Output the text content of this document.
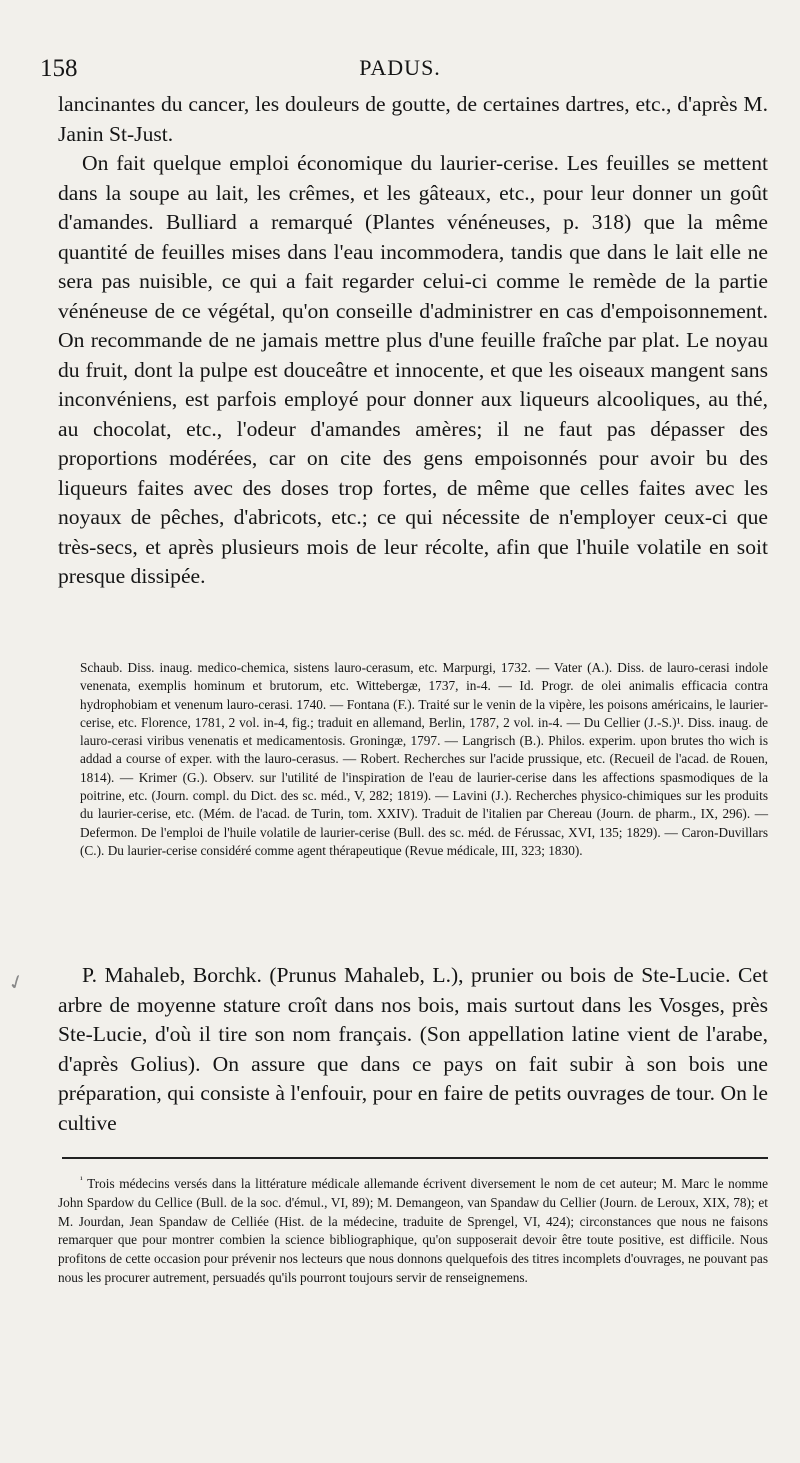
158	PADUS.

lancinantes du cancer, les douleurs de goutte, de certaines dartres, etc., d'après M. Janin St-Just.

On fait quelque emploi économique du laurier-cerise. Les feuilles se mettent dans la soupe au lait, les crêmes, et les gâteaux, etc., pour leur donner un goût d'amandes. Bulliard a remarqué (Plantes vénéneuses, p. 318) que la même quantité de feuilles mises dans l'eau incommodera, tandis que dans le lait elle ne sera pas nuisible, ce qui a fait regarder celui-ci comme le remède de la partie vénéneuse de ce végétal, qu'on conseille d'administrer en cas d'empoisonnement. On recommande de ne jamais mettre plus d'une feuille fraîche par plat. Le noyau du fruit, dont la pulpe est douceâtre et innocente, et que les oiseaux mangent sans inconvéniens, est parfois employé pour donner aux liqueurs alcooliques, au thé, au chocolat, etc., l'odeur d'amandes amères; il ne faut pas dépasser des proportions modérées, car on cite des gens empoisonnés pour avoir bu des liqueurs faites avec des doses trop fortes, de même que celles faites avec les noyaux de pêches, d'abricots, etc.; ce qui nécessite de n'employer ceux-ci que très-secs, et après plusieurs mois de leur récolte, afin que l'huile volatile en soit presque dissipée.

Schaub. Diss. inaug. medico-chemica, sistens lauro-cerasum, etc. Marpurgi, 1732. — Vater (A.). Diss. de lauro-cerasi indole venenata, exemplis hominum et brutorum, etc. Wittebergæ, 1737, in-4. — Id. Progr. de olei animalis efficacia contra hydrophobiam et venenum lauro-cerasi. 1740. — Fontana (F.). Traité sur le venin de la vipère, les poisons américains, le laurier-cerise, etc. Florence, 1781, 2 vol. in-4, fig.; traduit en allemand, Berlin, 1787, 2 vol. in-4. — Du Cellier (J.-S.)¹. Diss. inaug. de lauro-cerasi viribus venenatis et medicamentosis. Groningæ, 1797. — Langrisch (B.). Philos. experim. upon brutes tho wich is addad a course of exper. with the lauro-cerasus. — Robert. Recherches sur l'acide prussique, etc. (Recueil de l'acad. de Rouen, 1814). — Krimer (G.). Observ. sur l'utilité de l'inspiration de l'eau de laurier-cerise dans les affections spasmodiques de la poitrine, etc. (Journ. compl. du Dict. des sc. méd., V, 282; 1819). — Lavini (J.). Recherches physico-chimiques sur les produits du laurier-cerise, etc. (Mém. de l'acad. de Turin, tom. XXIV). Traduit de l'italien par Chereau (Journ. de pharm., IX, 296). — Defermon. De l'emploi de l'huile volatile de laurier-cerise (Bull. des sc. méd. de Férussac, XVI, 135; 1829). — Caron-Duvillars (C.). Du laurier-cerise considéré comme agent thérapeutique (Revue médicale, III, 323; 1830).

P. Mahaleb, Borchk. (Prunus Mahaleb, L.), prunier ou bois de Ste-Lucie. Cet arbre de moyenne stature croît dans nos bois, mais surtout dans les Vosges, près Ste-Lucie, d'où il tire son nom français. (Son appellation latine vient de l'arabe, d'après Golius). On assure que dans ce pays on fait subir à son bois une préparation, qui consiste à l'enfouir, pour en faire de petits ouvrages de tour. On le cultive

✓

$^{^1}$ Trois médecins versés dans la littérature médicale allemande écrivent diversement le nom de cet auteur; M. Marc le nomme John Spardow du Cellice (Bull. de la soc. d'émul., VI, 89); M. Demangeon, van Spandaw du Cellier (Journ. de Leroux, XIX, 78); et M. Jourdan, Jean Spandaw de Celliée (Hist. de la médecine, traduite de Sprengel, VI, 424); circonstances que nous ne faisons remarquer que pour montrer combien la science bibliographique, qu'on supposerait devoir être toute positive, est difficile. Nous profitons de cette occasion pour prévenir nos lecteurs que nous donnons quelquefois des titres incomplets d'ouvrages, ne pouvant pas nous les procurer autrement, persuadés qu'ils pourront toujours servir de renseignemens.
